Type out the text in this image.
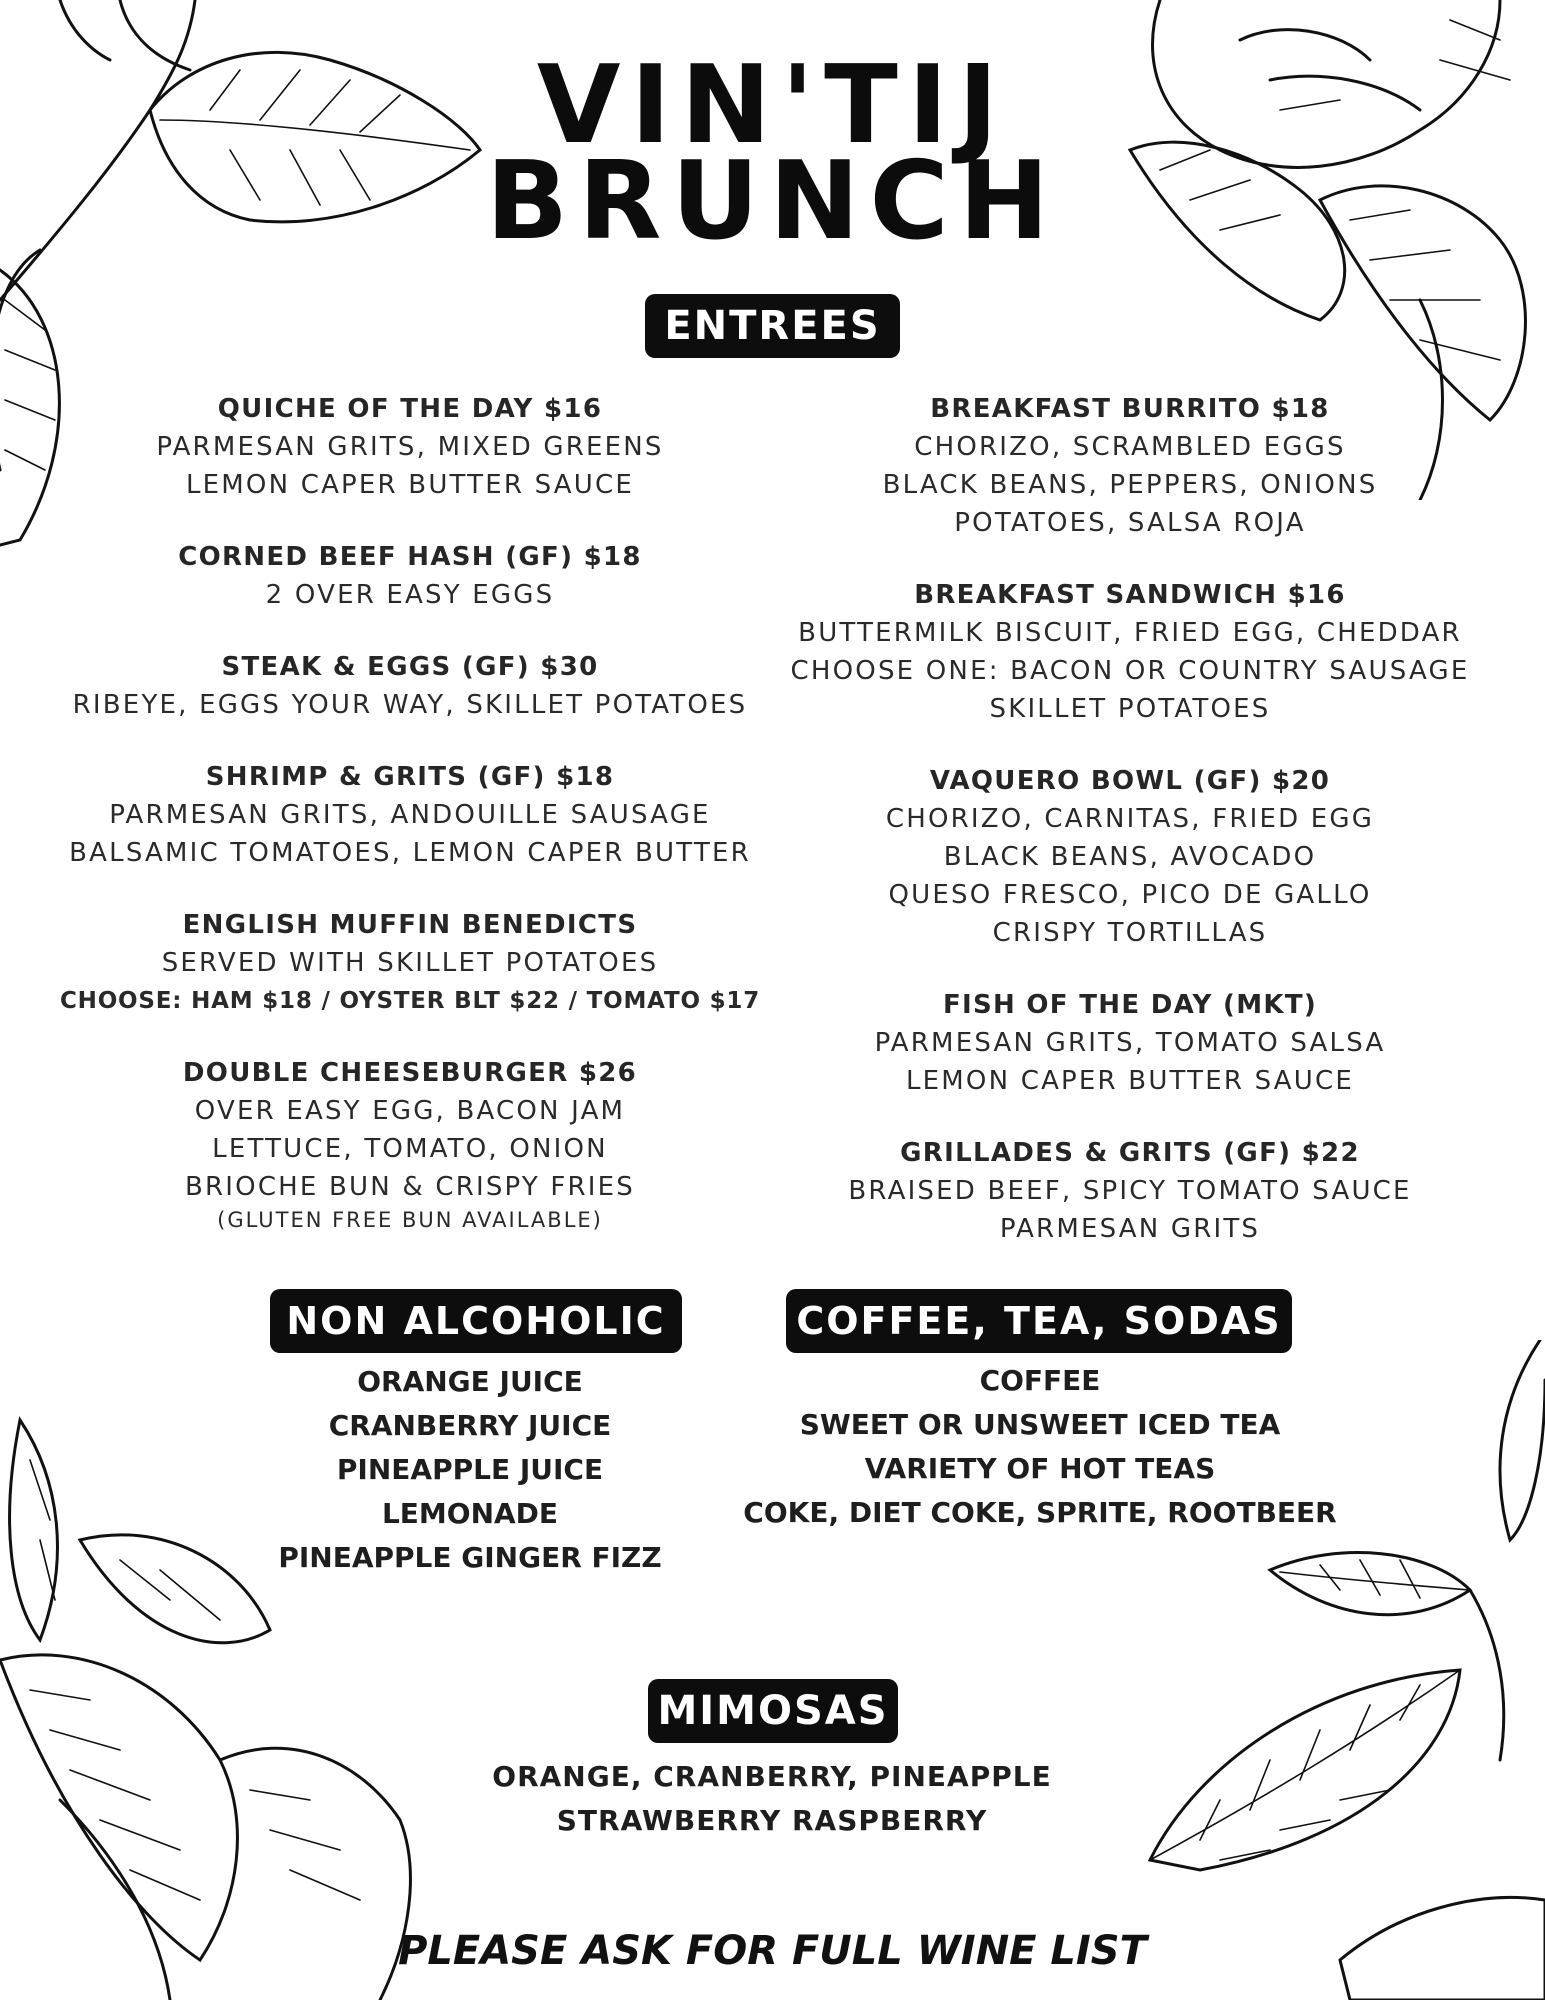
VIN'TIJ
BRUNCH
ENTREES
QUICHE OF THE DAY $16
PARMESAN GRITS, MIXED GREENS
LEMON CAPER BUTTER SAUCE
CORNED BEEF HASH (GF) $18
2 OVER EASY EGGS
STEAK & EGGS (GF) $30
RIBEYE, EGGS YOUR WAY, SKILLET POTATOES
SHRIMP & GRITS (GF) $18
PARMESAN GRITS, ANDOUILLE SAUSAGE
BALSAMIC TOMATOES, LEMON CAPER BUTTER
ENGLISH MUFFIN BENEDICTS
SERVED WITH SKILLET POTATOES
CHOOSE: HAM $18 / OYSTER BLT $22 / TOMATO $17
DOUBLE CHEESEBURGER $26
OVER EASY EGG, BACON JAM
LETTUCE, TOMATO, ONION
BRIOCHE BUN & CRISPY FRIES
(GLUTEN FREE BUN AVAILABLE)
BREAKFAST BURRITO $18
CHORIZO, SCRAMBLED EGGS
BLACK BEANS, PEPPERS, ONIONS
POTATOES, SALSA ROJA
BREAKFAST SANDWICH $16
BUTTERMILK BISCUIT, FRIED EGG, CHEDDAR
CHOOSE ONE: BACON OR COUNTRY SAUSAGE
SKILLET POTATOES
VAQUERO BOWL (GF) $20
CHORIZO, CARNITAS, FRIED EGG
BLACK BEANS, AVOCADO
QUESO FRESCO, PICO DE GALLO
CRISPY TORTILLAS
FISH OF THE DAY (MKT)
PARMESAN GRITS, TOMATO SALSA
LEMON CAPER BUTTER SAUCE
GRILLADES & GRITS (GF) $22
BRAISED BEEF, SPICY TOMATO SAUCE
PARMESAN GRITS
NON ALCOHOLIC	COFFEE, TEA, SODAS
ORANGE JUICE
CRANBERRY JUICE
PINEAPPLE JUICE
LEMONADE
PINEAPPLE GINGER FIZZ
COFFEE
SWEET OR UNSWEET ICED TEA
VARIETY OF HOT TEAS
COKE, DIET COKE, SPRITE, ROOTBEER
MIMOSAS
ORANGE, CRANBERRY, PINEAPPLE
STRAWBERRY RASPBERRY
PLEASE ASK FOR FULL WINE LIST
